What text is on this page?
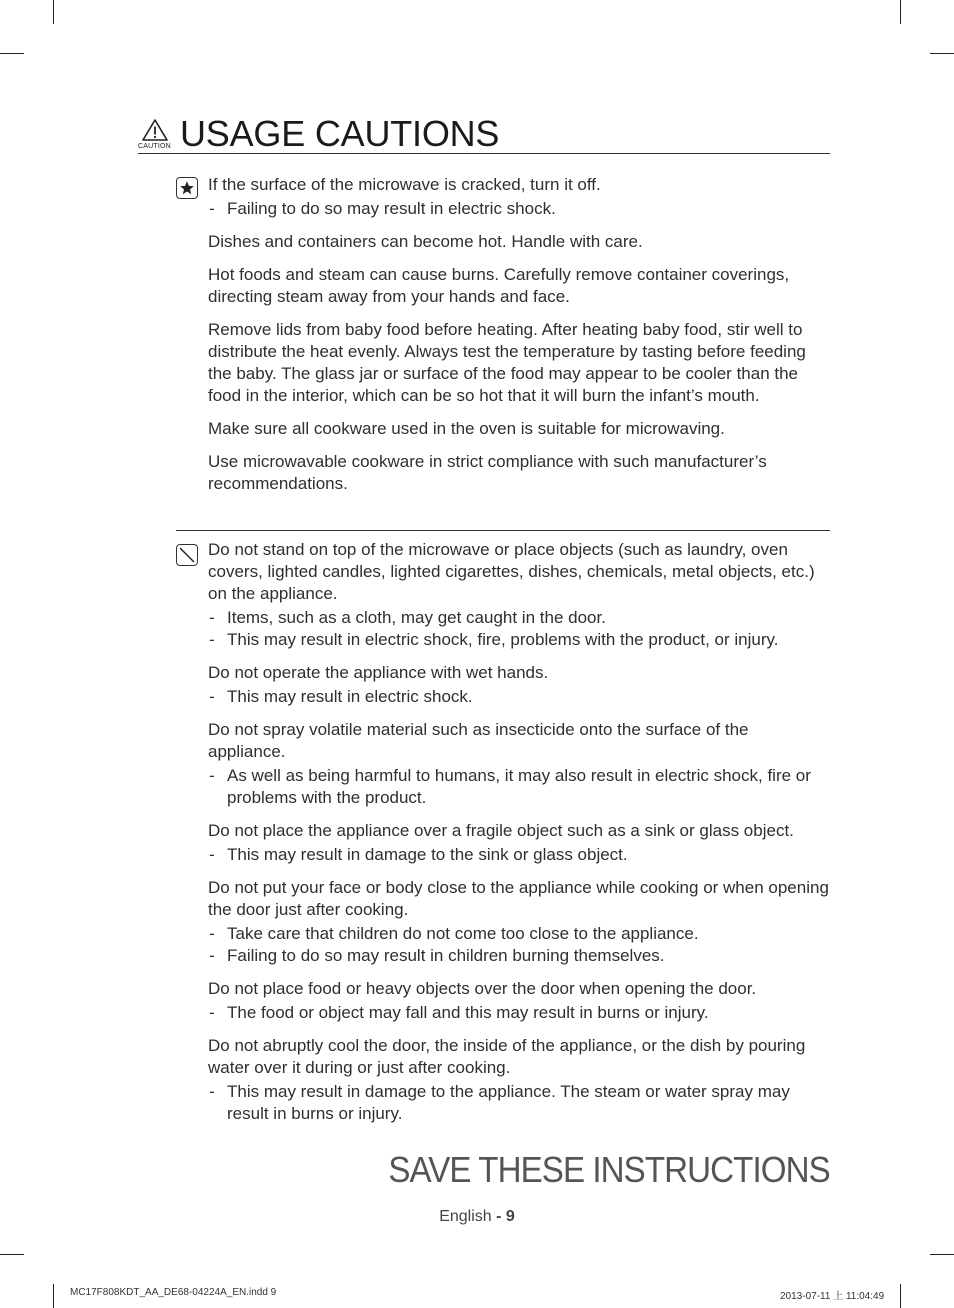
CAUTION USAGE CAUTIONS

If the surface of the microwave is cracked, turn it off.

- Failing to do so may result in electric shock.

Dishes and containers can become hot. Handle with care.

Hot foods and steam can cause burns. Carefully remove container coverings, directing steam away from your hands and face.

Remove lids from baby food before heating. After heating baby food, stir well to distribute the heat evenly. Always test the temperature by tasting before feeding the baby. The glass jar or surface of the food may appear to be cooler than the food in the interior, which can be so hot that it will burn the infant’s mouth.

Make sure all cookware used in the oven is suitable for microwaving.

Use microwavable cookware in strict compliance with such manufacturer’s recommendations.

Do not stand on top of the microwave or place objects (such as laundry, oven covers, lighted candles, lighted cigarettes, dishes, chemicals, metal objects, etc.) on the appliance.

- Items, such as a cloth, may get caught in the door.
- This may result in electric shock, fire, problems with the product, or injury.

Do not operate the appliance with wet hands.

- This may result in electric shock.

Do not spray volatile material such as insecticide onto the surface of the appliance.

- As well as being harmful to humans, it may also result in electric shock, fire or problems with the product.

Do not place the appliance over a fragile object such as a sink or glass object.

- This may result in damage to the sink or glass object.

Do not put your face or body close to the appliance while cooking or when opening the door just after cooking.

- Take care that children do not come too close to the appliance.
- Failing to do so may result in children burning themselves.

Do not place food or heavy objects over the door when opening the door.

- The food or object may fall and this may result in burns or injury.

Do not abruptly cool the door, the inside of the appliance, or the dish by pouring water over it during or just after cooking.

- This may result in damage to the appliance. The steam or water spray may result in burns or injury.
SAVE THESE INSTRUCTIONS
English - 9
MC17F808KDT_AA_DE68-04224A_EN.indd 9	2013-07-11 上 11:04:49
